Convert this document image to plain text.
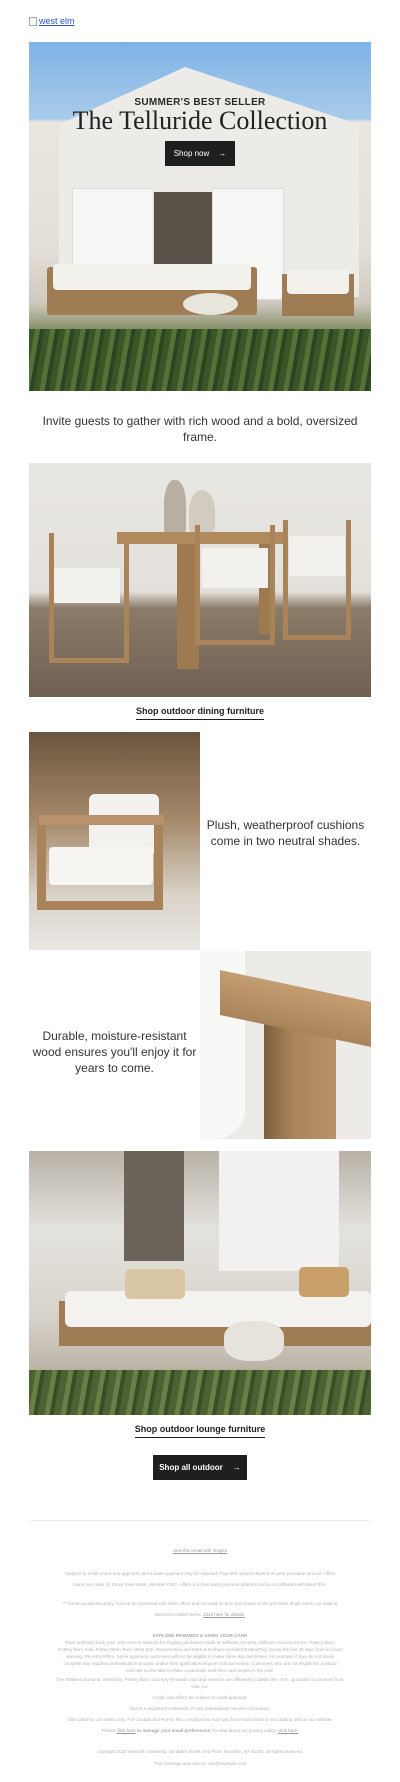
west elm
SUMMER'S BEST SELLER
The Telluride Collection
Shop now →
Invite guests to gather with rich wood and a bold, oversized frame.
Shop outdoor dining furniture
Plush, weatherproof cushions come in two neutral shades.
Durable, moisture-resistant wood ensures you'll enjoy it for years to come.
Shop outdoor lounge furniture
Shop all outdoor →
view this email with images
*Subject to credit check and approval, and a down payment may be required. Payment options depend on your purchase amount. Affirm
loans are made by Cross River Bank, Member FDIC. Affirm is a third-party payment platform and is not affiliated with West Elm.
** Some exclusions apply. Cannot be combined with other offers and not valid on prior purchases or the purchase of gift cards, not valid at
West Elm Outlet stores. Click here for details.
EXPLORE REWARDS & USING YOUR CARD
*Earn unlimited back your 10% once in rewards for Eligible purchases made at Williams Sonoma, Williams Sonoma Home, Pottery Barn,
Pottery Barn Kids, Pottery Barn Teen, West Elm, Rejuvenation and Mark & Graham excluded ExtendPay) during the first 30 days from account
opening. 0% Intro/Affirm. Some approved customers will not be eligible to make same day purchases, for example, if they do not timely
complete any required authentication process and/or their application requires manual review. Customers who are not eligible for a virtual
card will not be able to make a purchase until their card arrives in the mail.
The Williams-Sonoma, West Elm, Pottery Barn, and Key Rewards Visa and services are offered by Capital One, N.A., pursuant to a license from
Visa, Inc.
Credit card offers are subject to credit approval.
Visa is a registered trademark of Visa International Service Association.
Offer valid for US orders only. For Canada and Puerto Rico, retail prices may vary from those listed in our catalog and on our website.
Please click here to manage your email preferences. To read about our privacy policy, click here.
copyright 2023 west elm marketing, 55 Water Street, 2nd Floor, Brooklyn, NY 11201. all rights reserved.
This message was sent to: xxx@example.com
